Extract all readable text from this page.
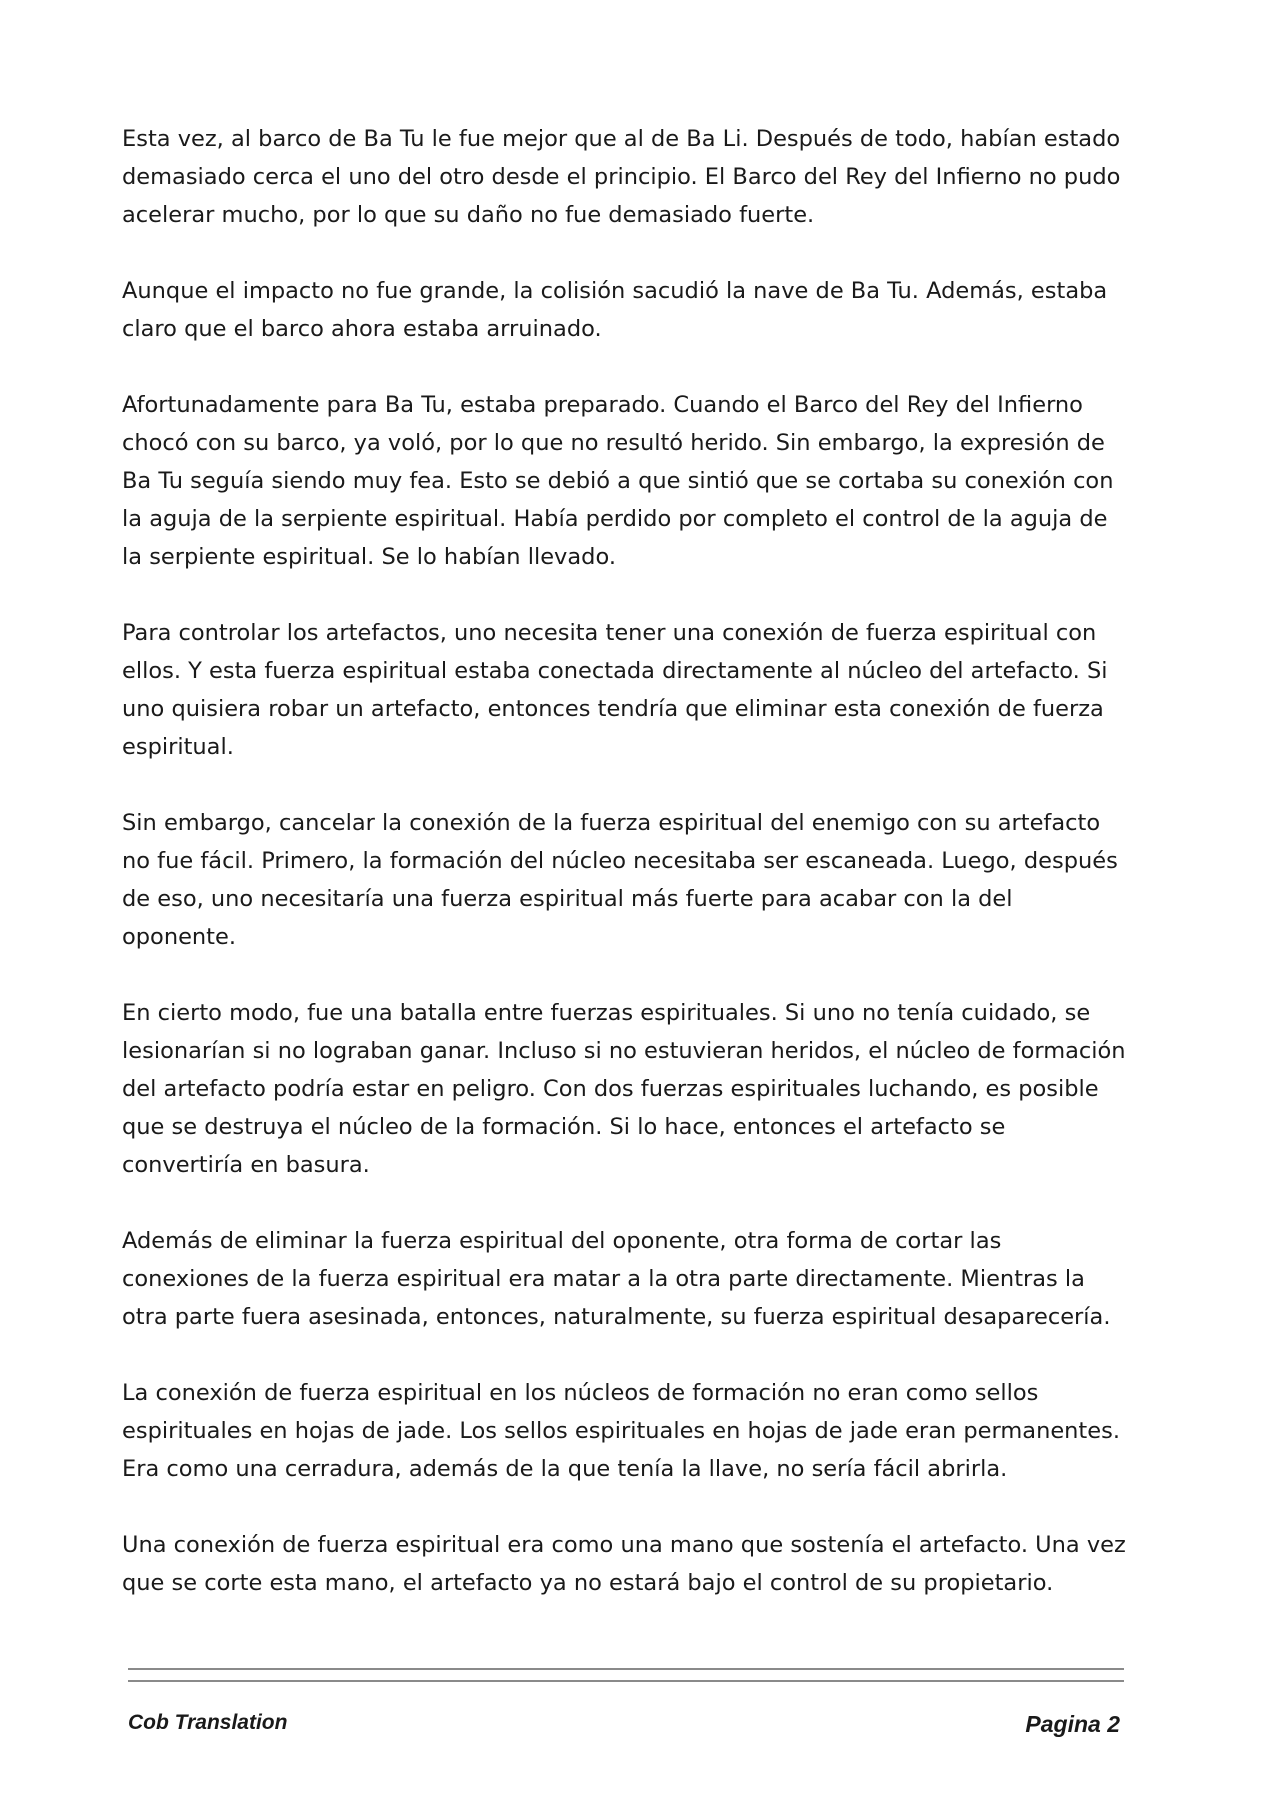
Esta vez, al barco de Ba Tu le fue mejor que al de Ba Li. Después de todo, habían estado demasiado cerca el uno del otro desde el principio. El Barco del Rey del Infierno no pudo acelerar mucho, por lo que su daño no fue demasiado fuerte.

Aunque el impacto no fue grande, la colisión sacudió la nave de Ba Tu. Además, estaba claro que el barco ahora estaba arruinado.

Afortunadamente para Ba Tu, estaba preparado. Cuando el Barco del Rey del Infierno chocó con su barco, ya voló, por lo que no resultó herido. Sin embargo, la expresión de Ba Tu seguía siendo muy fea. Esto se debió a que sintió que se cortaba su conexión con la aguja de la serpiente espiritual. Había perdido por completo el control de la aguja de la serpiente espiritual. Se lo habían llevado.

Para controlar los artefactos, uno necesita tener una conexión de fuerza espiritual con ellos. Y esta fuerza espiritual estaba conectada directamente al núcleo del artefacto. Si uno quisiera robar un artefacto, entonces tendría que eliminar esta conexión de fuerza espiritual.

Sin embargo, cancelar la conexión de la fuerza espiritual del enemigo con su artefacto no fue fácil. Primero, la formación del núcleo necesitaba ser escaneada. Luego, después de eso, uno necesitaría una fuerza espiritual más fuerte para acabar con la del oponente.

En cierto modo, fue una batalla entre fuerzas espirituales. Si uno no tenía cuidado, se lesionarían si no lograban ganar. Incluso si no estuvieran heridos, el núcleo de formación del artefacto podría estar en peligro. Con dos fuerzas espirituales luchando, es posible que se destruya el núcleo de la formación. Si lo hace, entonces el artefacto se convertiría en basura.

Además de eliminar la fuerza espiritual del oponente, otra forma de cortar las conexiones de la fuerza espiritual era matar a la otra parte directamente. Mientras la otra parte fuera asesinada, entonces, naturalmente, su fuerza espiritual desaparecería.

La conexión de fuerza espiritual en los núcleos de formación no eran como sellos espirituales en hojas de jade. Los sellos espirituales en hojas de jade eran permanentes. Era como una cerradura, además de la que tenía la llave, no sería fácil abrirla.

Una conexión de fuerza espiritual era como una mano que sostenía el artefacto. Una vez que se corte esta mano, el artefacto ya no estará bajo el control de su propietario.

Cob Translation	Pagina 2
